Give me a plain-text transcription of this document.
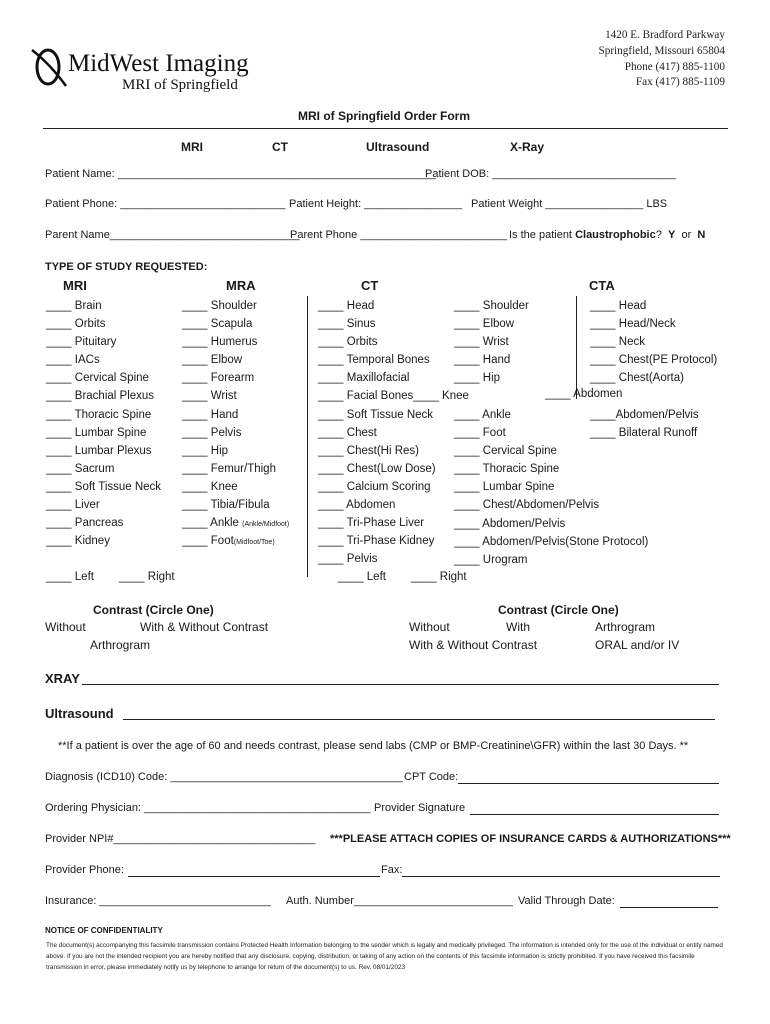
MidWest Imaging
MRI of Springfield
1420 E. Bradford Parkway
Springfield, Missouri 65804
Phone (417) 885-1100
Fax (417) 885-1109
MRI of Springfield Order Form
MRI	CT	Ultrasound	X-Ray
Patient Name: ____________________________________________________
Patient DOB: ______________________________
Patient Phone: ___________________________ Patient Height: ________________ Patient Weight ________________ LBS
Parent Name_______________________________
Parent Phone ________________________ Is the patient Claustrophobic? Y or N
TYPE OF STUDY REQUESTED:
MRI	MRA	CT	CTA
____ Brain
____ Orbits
____ Pituitary
____ IACs
____ Cervical Spine
____ Brachial Plexus
____ Thoracic Spine
____ Lumbar Spine
____ Lumbar Plexus
____ Sacrum
____ Soft Tissue Neck
____ Liver
____ Pancreas
____ Kidney
____ Shoulder
____ Scapula
____ Humerus
____ Elbow
____ Forearm
____ Wrist
____ Hand
____ Pelvis
____ Hip
____ Femur/Thigh
____ Knee
____ Tibia/Fibula
____ Ankle (Ankle/Midfoot)
____ Foot(Midfoot/Toe)
____ Head
____ Sinus
____ Orbits
____ Temporal Bones
____ Maxillofacial
____ Facial Bones____ Knee
____ Soft Tissue Neck
____ Chest
____ Chest(Hi Res)
____ Chest(Low Dose)
____ Calcium Scoring
____ Abdomen
____ Tri-Phase Liver
____ Tri-Phase Kidney
____ Pelvis
____ Shoulder
____ Elbow
____ Wrist
____ Hand
____ Hip
____ Ankle
____ Foot
____ Cervical Spine
____ Thoracic Spine
____ Lumbar Spine
____ Chest/Abdomen/Pelvis
____ Abdomen/Pelvis
____ Abdomen/Pelvis(Stone Protocol)
____ Urogram
____ Head
____ Head/Neck
____ Neck
____ Chest(PE Protocol)
____ Chest(Aorta)
____ Abdomen
____Abdomen/Pelvis
____ Bilateral Runoff
____ Left ____ Right	____ Left ____ Right
Contrast (Circle One)
Without	With & Without Contrast
Arthrogram
Contrast (Circle One)
Without	With	Arthrogram
With & Without Contrast	ORAL and/or IV
XRAY
Ultrasound
**If a patient is over the age of 60 and needs contrast, please send labs (CMP or BMP-Creatinine\GFR) within the last 30 Days. **
Diagnosis (ICD10) Code: ______________________________________ CPT Code:
Ordering Physician: _____________________________________ Provider Signature
Provider NPI#_________________________________ ***PLEASE ATTACH COPIES OF INSURANCE CARDS & AUTHORIZATIONS***
Provider Phone:	Fax:
Insurance: ____________________________ Auth. Number__________________________ Valid Through Date:
NOTICE OF CONFIDENTIALITY
The document(s) accompanying this facsimile transmission contains Protected Health Information belonging to the sender which is legally and medically privileged. The information is intended only for the use of the individual or entity named above. If you are not the intended recipient you are hereby notified that any disclosure, copying, distribution, or taking of any action on the contents of this facsimile information is strictly prohibited. If you have received this facsimile transmission in error, please immediately notify us by telephone to arrange for return of the document(s) to us. Rev. 08/01/2023
